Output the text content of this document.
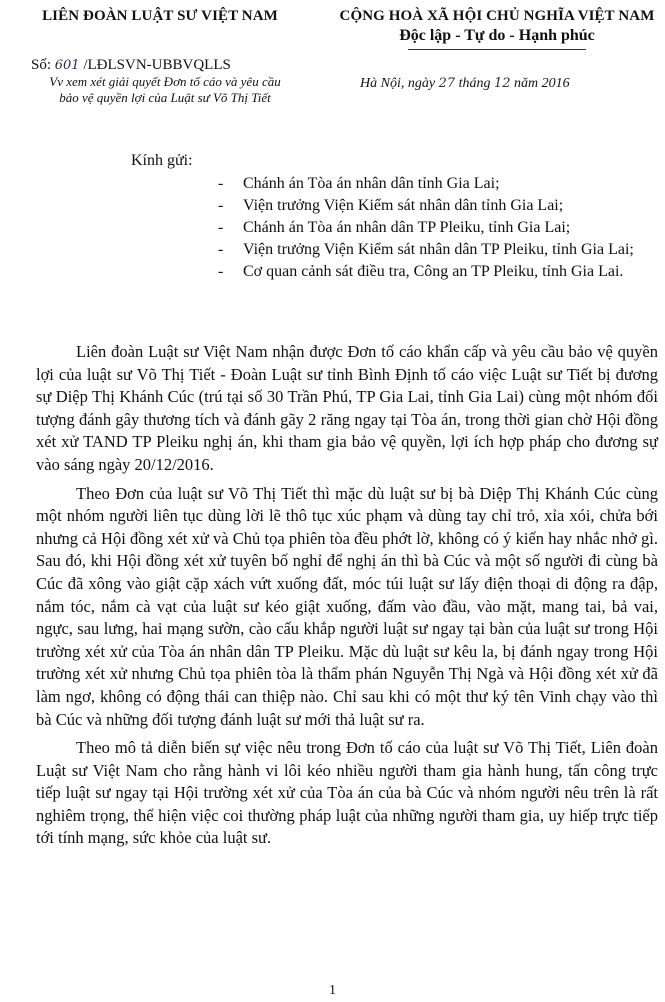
LIÊN ĐOÀN LUẬT SƯ VIỆT NAM	CỘNG HOÀ XÃ HỘI CHỦ NGHĨA VIỆT NAM
Độc lập - Tự do - Hạnh phúc
Số: 601 /LĐLSVN-UBBVQLLS
Vv xem xét giải quyết Đơn tố cáo và yêu cầu
bảo vệ quyền lợi của Luật sư Võ Thị Tiết
Hà Nội, ngày 27 tháng 12 năm 2016
Kính gửi:
- Chánh án Tòa án nhân dân tỉnh Gia Lai;
- Viện trưởng Viện Kiểm sát nhân dân tỉnh Gia Lai;
- Chánh án Tòa án nhân dân TP Pleiku, tỉnh Gia Lai;
- Viện trưởng Viện Kiểm sát nhân dân TP Pleiku, tỉnh Gia Lai;
- Cơ quan cảnh sát điều tra, Công an TP Pleiku, tỉnh Gia Lai.

Liên đoàn Luật sư Việt Nam nhận được Đơn tố cáo khẩn cấp và yêu cầu bảo vệ quyền lợi của luật sư Võ Thị Tiết - Đoàn Luật sư tỉnh Bình Định tố cáo việc Luật sư Tiết bị đương sự Diệp Thị Khánh Cúc (trú tại số 30 Trần Phú, TP Gia Lai, tỉnh Gia Lai) cùng một nhóm đối tượng đánh gây thương tích và đánh gãy 2 răng ngay tại Tòa án, trong thời gian chờ Hội đồng xét xử TAND TP Pleiku nghị án, khi tham gia bảo vệ quyền, lợi ích hợp pháp cho đương sự vào sáng ngày 20/12/2016.

Theo Đơn của luật sư Võ Thị Tiết thì mặc dù luật sư bị bà Diệp Thị Khánh Cúc cùng một nhóm người liên tục dùng lời lẽ thô tục xúc phạm và dùng tay chỉ trỏ, xỉa xói, chửa bới nhưng cả Hội đồng xét xử và Chủ tọa phiên tòa đều phớt lờ, không có ý kiến hay nhắc nhở gì. Sau đó, khi Hội đồng xét xử tuyên bố nghỉ để nghị án thì bà Cúc và một số người đi cùng bà Cúc đã xông vào giật cặp xách vứt xuống đất, móc túi luật sư lấy điện thoại di động ra đập, nắm tóc, nắm cà vạt của luật sư kéo giật xuống, đấm vào đầu, vào mặt, mang tai, bả vai, ngực, sau lưng, hai mạng sườn, cào cấu khắp người luật sư ngay tại bàn của luật sư trong Hội trường xét xử của Tòa án nhân dân TP Pleiku. Mặc dù luật sư kêu la, bị đánh ngay trong Hội trường xét xử nhưng Chủ tọa phiên tòa là thẩm phán Nguyễn Thị Ngà và Hội đồng xét xử đã làm ngơ, không có động thái can thiệp nào. Chỉ sau khi có một thư ký tên Vinh chạy vào thì bà Cúc và những đối tượng đánh luật sư mới thả luật sư ra.

Theo mô tả diễn biến sự việc nêu trong Đơn tố cáo của luật sư Võ Thị Tiết, Liên đoàn Luật sư Việt Nam cho rằng hành vi lôi kéo nhiều người tham gia hành hung, tấn công trực tiếp luật sư ngay tại Hội trường xét xử của Tòa án của bà Cúc và nhóm người nêu trên là rất nghiêm trọng, thể hiện việc coi thường pháp luật của những người tham gia, uy hiếp trực tiếp tới tính mạng, sức khỏe của luật sư.

1
